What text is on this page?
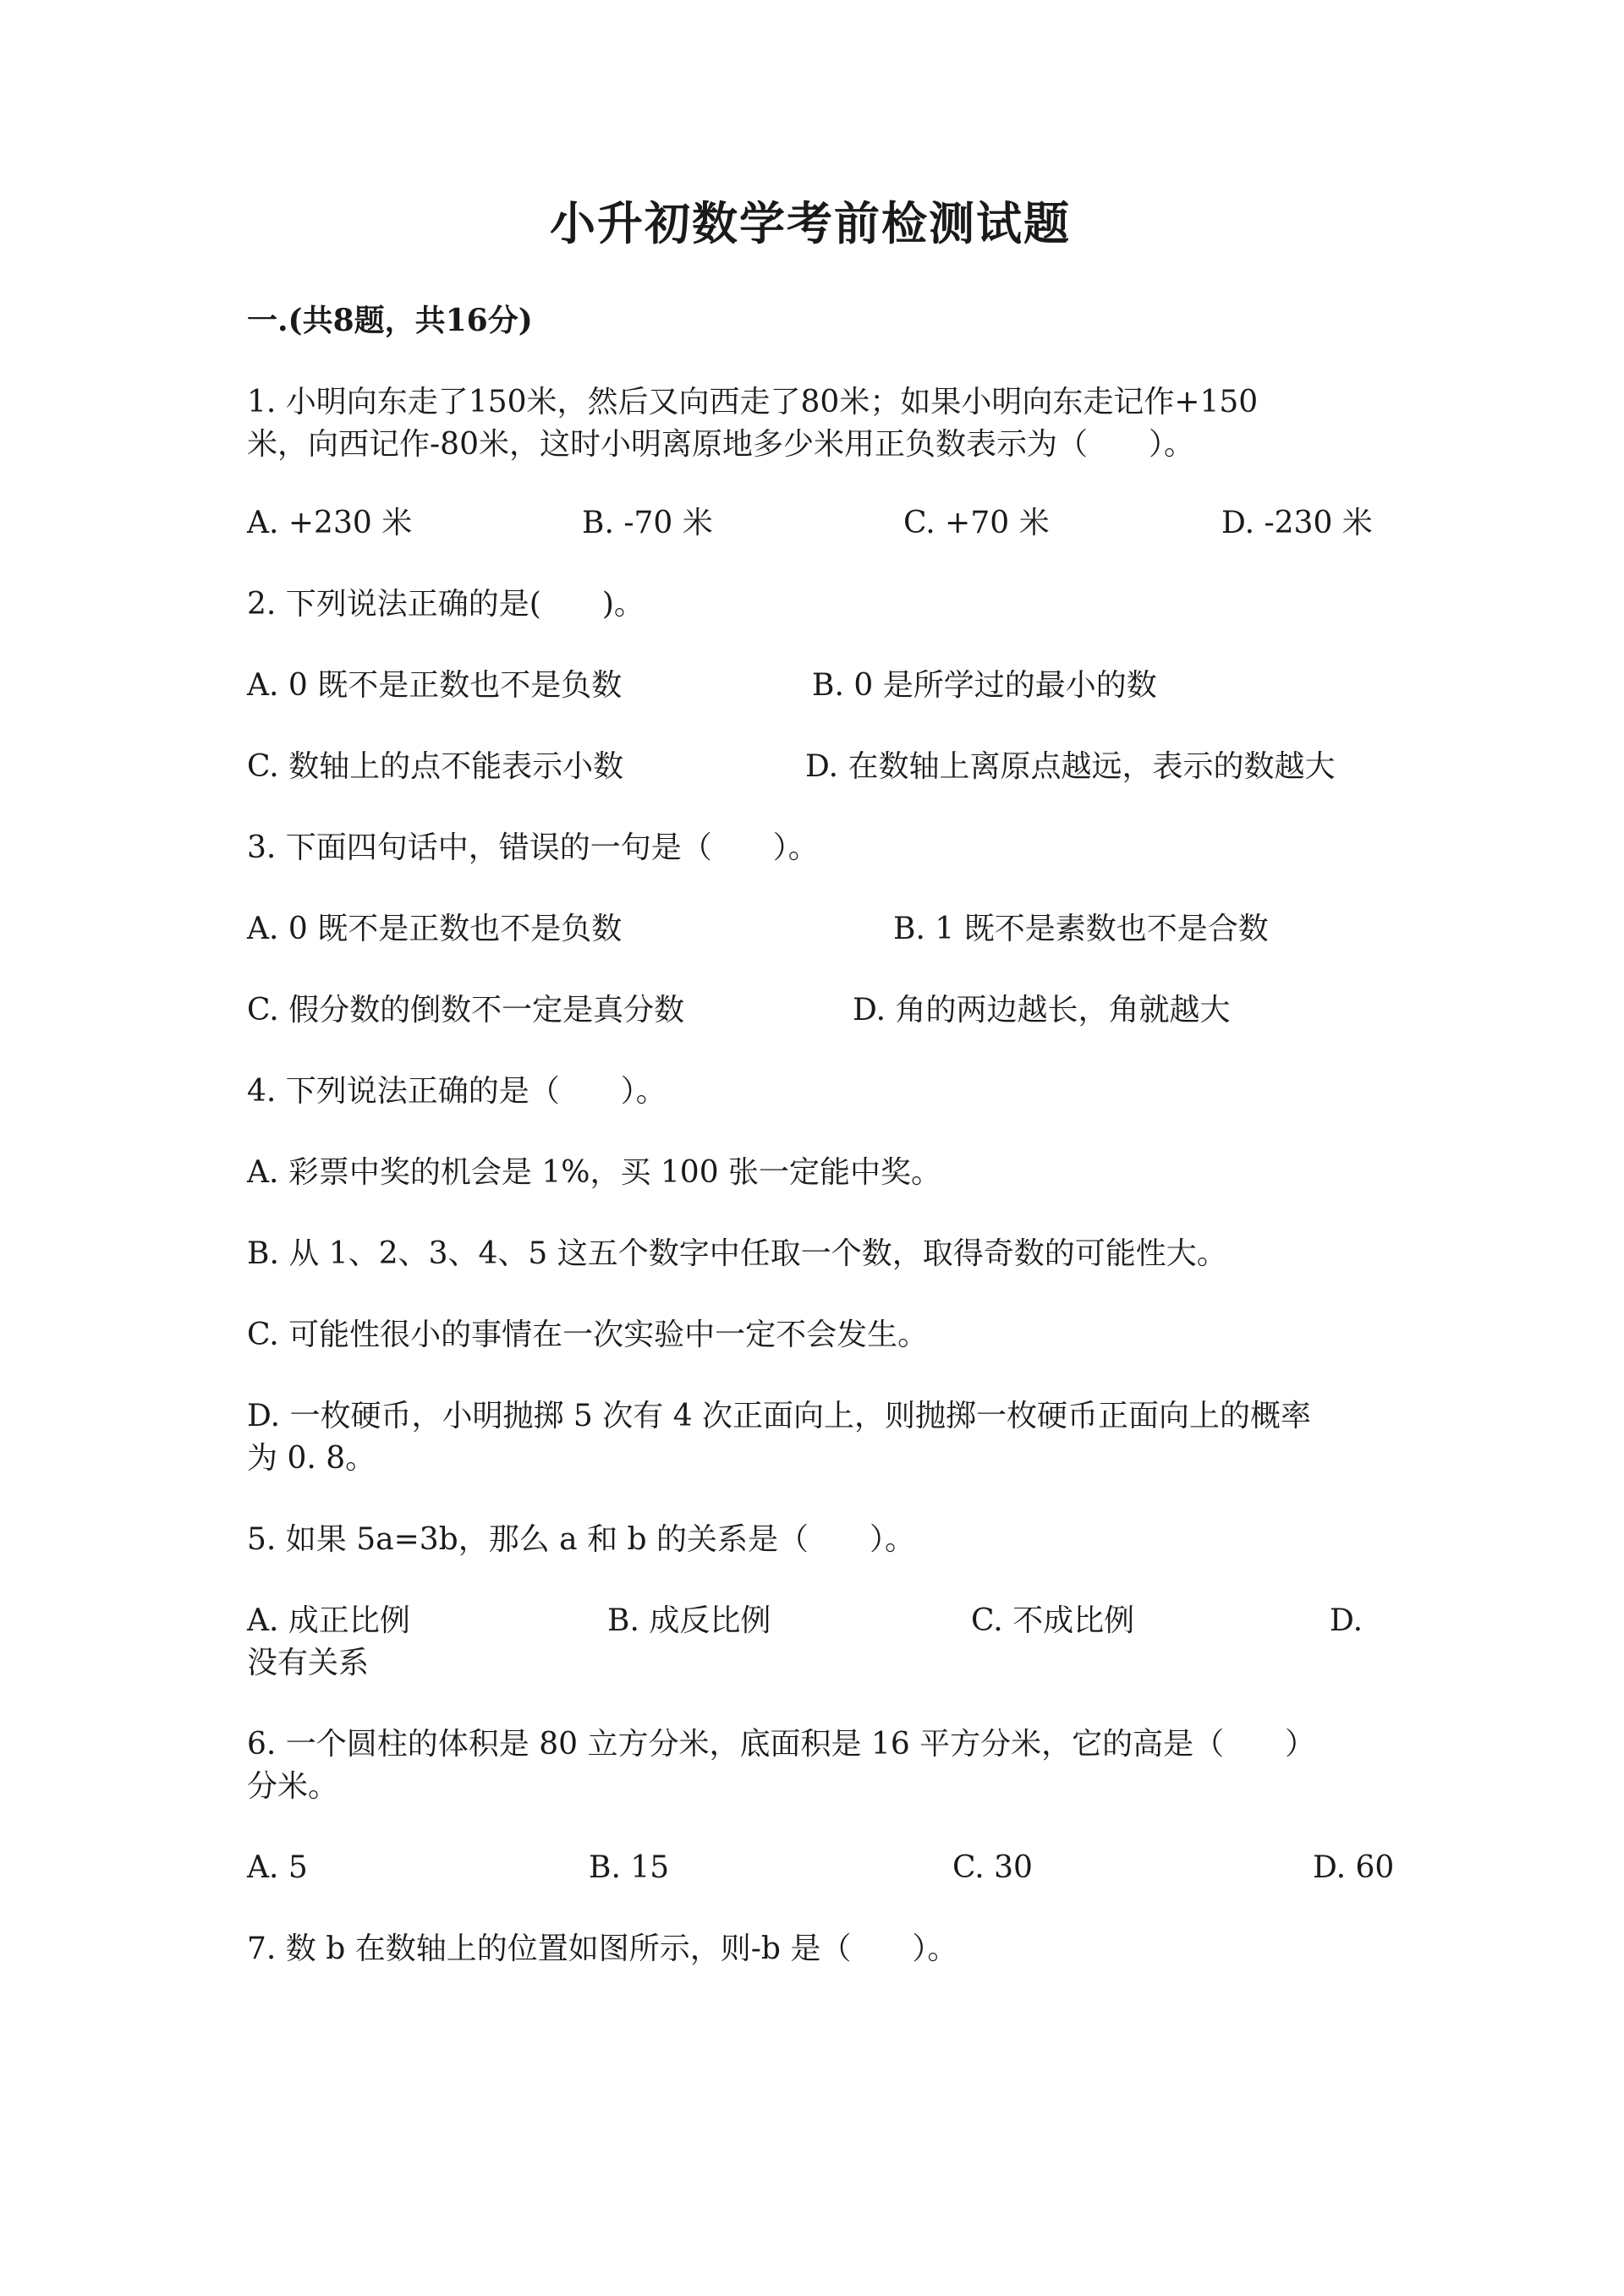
小升初数学考前检测试题
一.(共8题，共16分)
1. 小明向东走了150米，然后又向西走了80米；如果小明向东走记作+150
米，向西记作-80米，这时小明离原地多少米用正负数表示为（　　）。
A. +230 米	B. -70 米	C. +70 米	D. -230 米
2. 下列说法正确的是(　　)。
A. 0 既不是正数也不是负数	B. 0 是所学过的最小的数
C. 数轴上的点不能表示小数	D. 在数轴上离原点越远，表示的数越大
3. 下面四句话中，错误的一句是（　　）。
A. 0 既不是正数也不是负数	B. 1 既不是素数也不是合数
C. 假分数的倒数不一定是真分数	D. 角的两边越长，角就越大
4. 下列说法正确的是（　　）。
A. 彩票中奖的机会是 1%，买 100 张一定能中奖。
B. 从 1、2、3、4、5 这五个数字中任取一个数，取得奇数的可能性大。
C. 可能性很小的事情在一次实验中一定不会发生。
D. 一枚硬币，小明抛掷 5 次有 4 次正面向上，则抛掷一枚硬币正面向上的概率
为 0. 8。
5. 如果 5a=3b，那么 a 和 b 的关系是（　　）。
A. 成正比例	B. 成反比例	C. 不成比例	D.
没有关系
6. 一个圆柱的体积是 80 立方分米，底面积是 16 平方分米，它的高是（　　）
分米。
A. 5	B. 15	C. 30	D. 60
7. 数 b 在数轴上的位置如图所示，则-b 是（　　）。
